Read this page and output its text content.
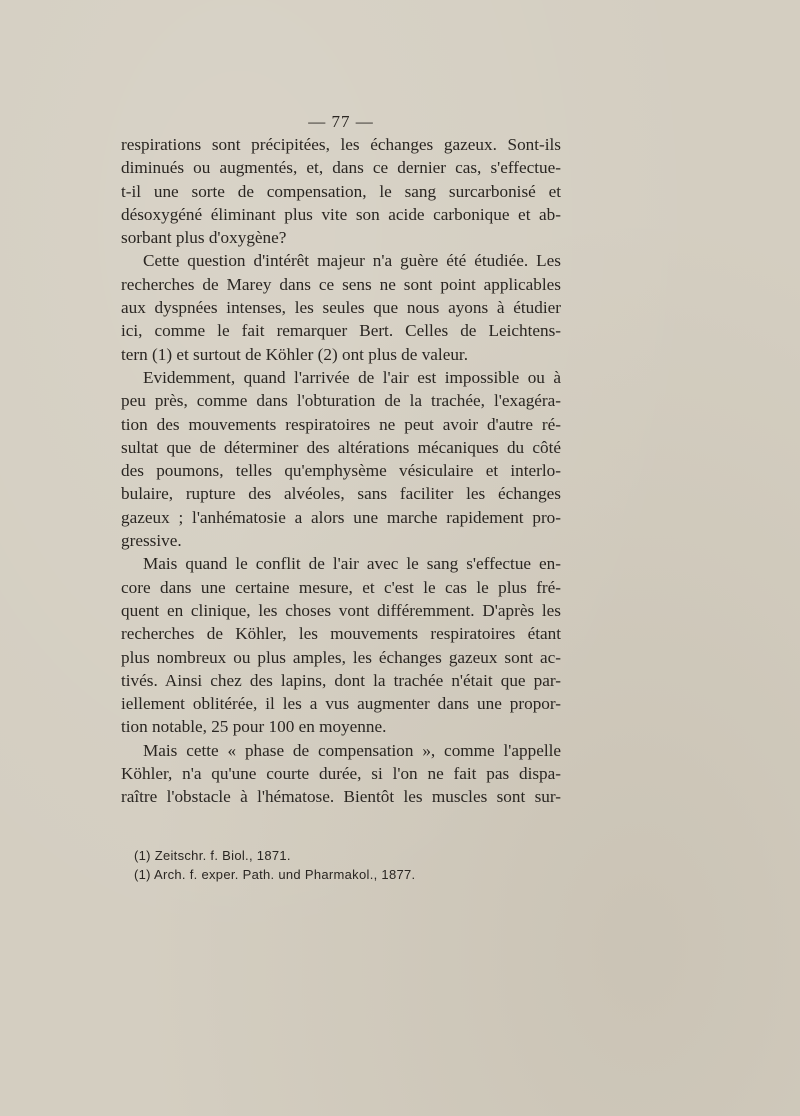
— 77 —
respirations sont précipitées, les échanges gazeux. Sont-ils
diminués ou augmentés, et, dans ce dernier cas, s'effectue-
t-il une sorte de compensation, le sang surcarbonisé et
désoxygéné éliminant plus vite son acide carbonique et ab-
sorbant plus d'oxygène?
Cette question d'intérêt majeur n'a guère été étudiée. Les
recherches de Marey dans ce sens ne sont point applicables
aux dyspnées intenses, les seules que nous ayons à étudier
ici, comme le fait remarquer Bert. Celles de Leichtens-
tern (1) et surtout de Köhler (2) ont plus de valeur.
Evidemment, quand l'arrivée de l'air est impossible ou à
peu près, comme dans l'obturation de la trachée, l'exagéra-
tion des mouvements respiratoires ne peut avoir d'autre ré-
sultat que de déterminer des altérations mécaniques du côté
des poumons, telles qu'emphysème vésiculaire et interlo-
bulaire, rupture des alvéoles, sans faciliter les échanges
gazeux ; l'anhématosie a alors une marche rapidement pro-
gressive.
Mais quand le conflit de l'air avec le sang s'effectue en-
core dans une certaine mesure, et c'est le cas le plus fré-
quent en clinique, les choses vont différemment. D'après les
recherches de Köhler, les mouvements respiratoires étant
plus nombreux ou plus amples, les échanges gazeux sont ac-
tivés. Ainsi chez des lapins, dont la trachée n'était que par-
iellement oblitérée, il les a vus augmenter dans une propor-
tion notable, 25 pour 100 en moyenne.
Mais cette « phase de compensation », comme l'appelle
Köhler, n'a qu'une courte durée, si l'on ne fait pas dispa-
raître l'obstacle à l'hématose. Bientôt les muscles sont sur-
(1) Zeitschr. f. Biol., 1871.
(1) Arch. f. exper. Path. und Pharmakol., 1877.
